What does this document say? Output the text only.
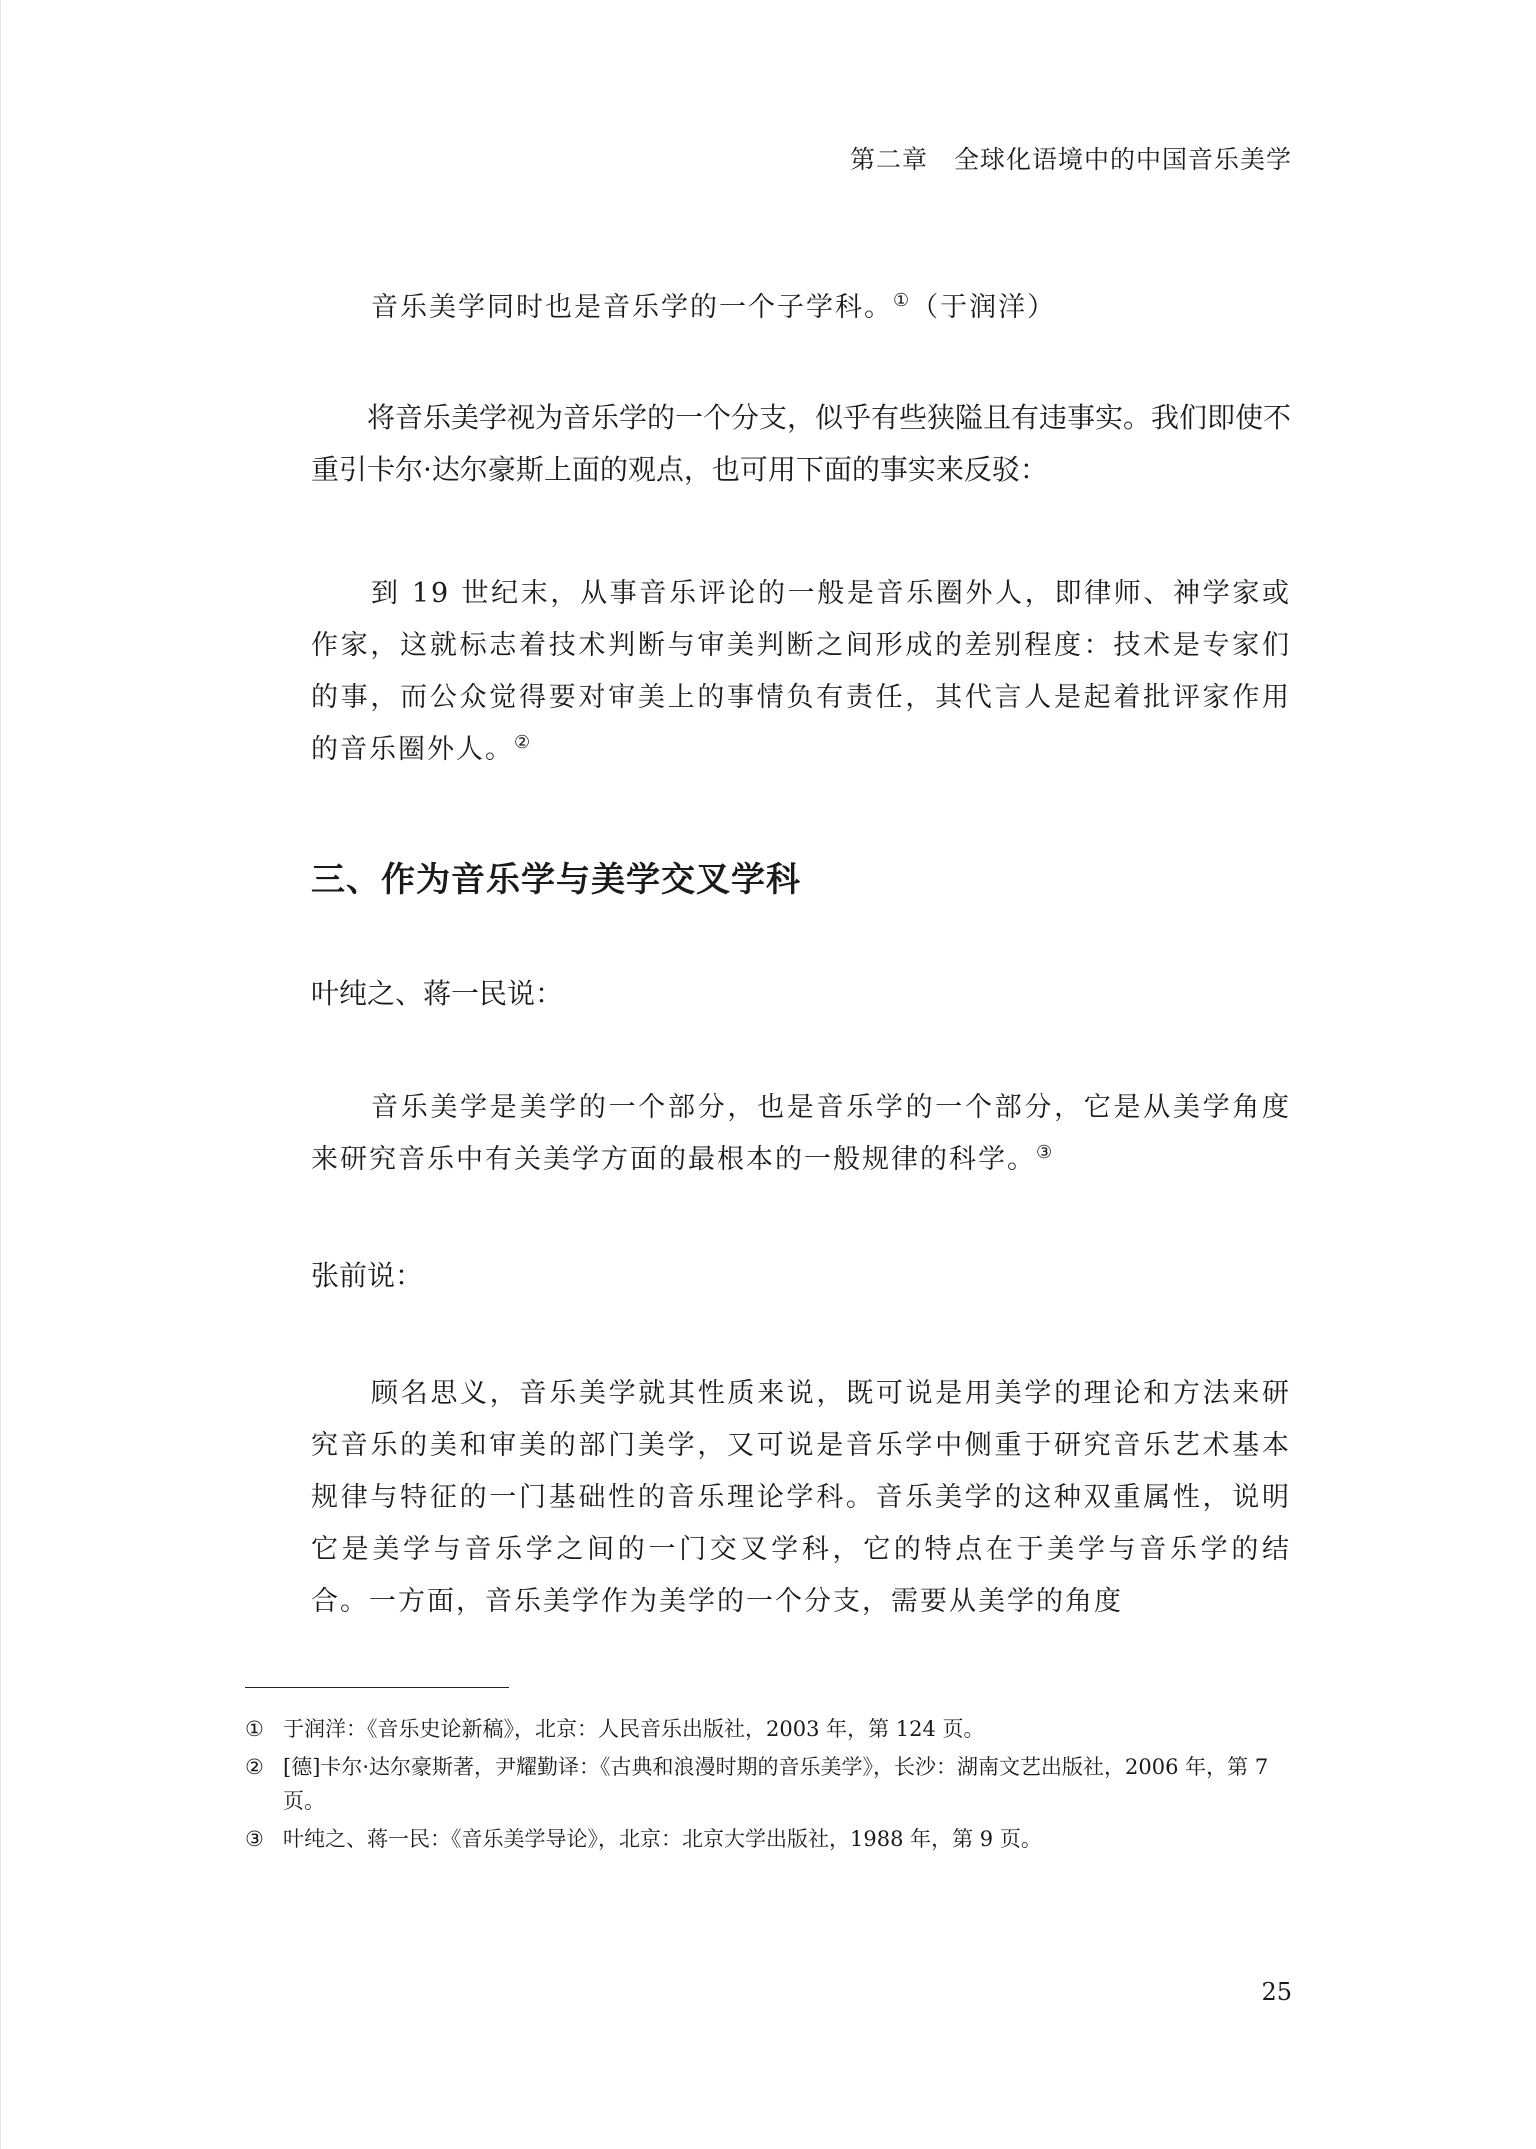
第二章　全球化语境中的中国音乐美学

音乐美学同时也是音乐学的一个子学科。①（于润洋）

将音乐美学视为音乐学的一个分支，似乎有些狭隘且有违事实。我们即使不重引卡尔·达尔豪斯上面的观点，也可用下面的事实来反驳：

到 19 世纪末，从事音乐评论的一般是音乐圈外人，即律师、神学家或作家，这就标志着技术判断与审美判断之间形成的差别程度：技术是专家们的事，而公众觉得要对审美上的事情负有责任，其代言人是起着批评家作用的音乐圈外人。②

三、作为音乐学与美学交叉学科

叶纯之、蒋一民说：

音乐美学是美学的一个部分，也是音乐学的一个部分，它是从美学角度来研究音乐中有关美学方面的最根本的一般规律的科学。③

张前说：

顾名思义，音乐美学就其性质来说，既可说是用美学的理论和方法来研究音乐的美和审美的部门美学，又可说是音乐学中侧重于研究音乐艺术基本规律与特征的一门基础性的音乐理论学科。音乐美学的这种双重属性，说明它是美学与音乐学之间的一门交叉学科，它的特点在于美学与音乐学的结合。一方面，音乐美学作为美学的一个分支，需要从美学的角度

① 于润洋：《音乐史论新稿》，北京：人民音乐出版社，2003 年，第 124 页。
② [德]卡尔·达尔豪斯著，尹耀勤译：《古典和浪漫时期的音乐美学》，长沙：湖南文艺出版社，2006 年，第 7 页。
③ 叶纯之、蒋一民：《音乐美学导论》，北京：北京大学出版社，1988 年，第 9 页。
25
